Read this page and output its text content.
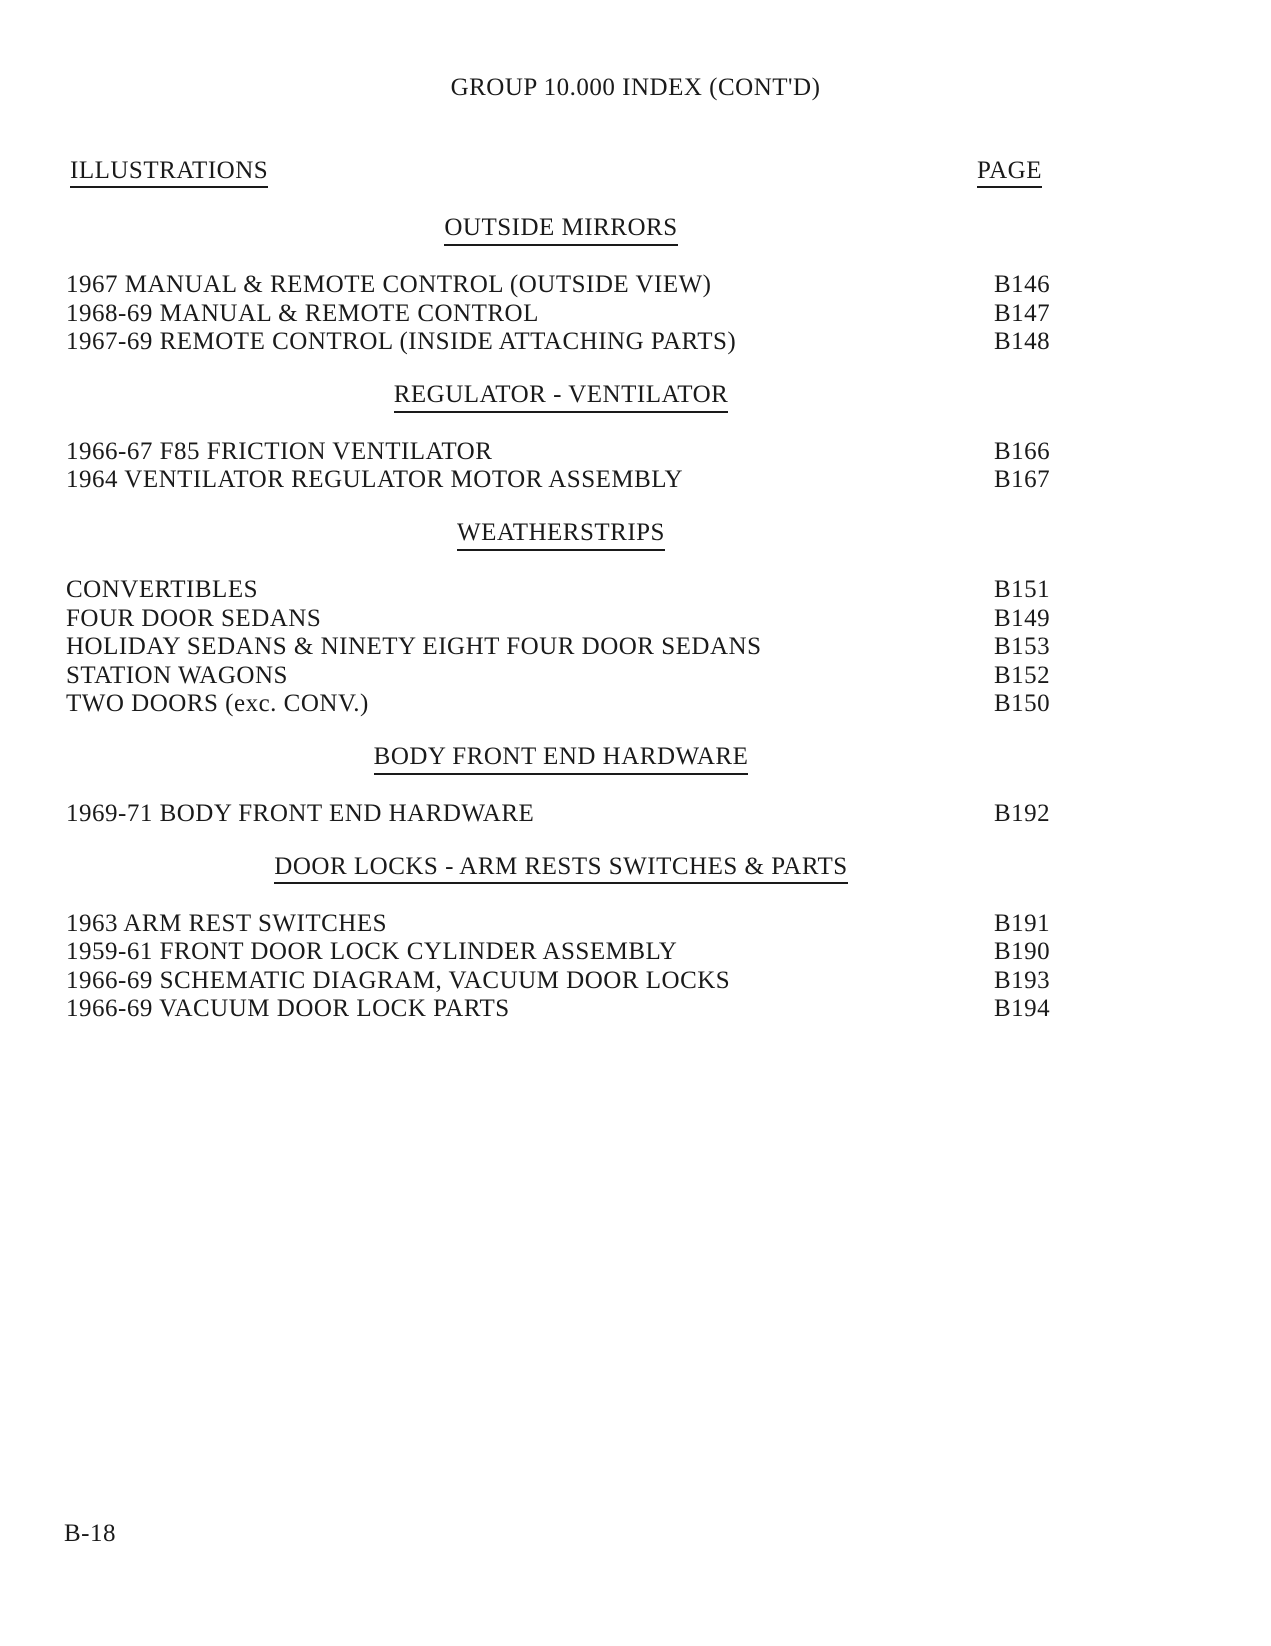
GROUP 10.000 INDEX (CONT'D)
ILLUSTRATIONS	PAGE
OUTSIDE MIRRORS
1967 MANUAL & REMOTE CONTROL (OUTSIDE VIEW)	B146
1968-69 MANUAL & REMOTE CONTROL	B147
1967-69 REMOTE CONTROL (INSIDE ATTACHING PARTS)	B148
REGULATOR - VENTILATOR
1966-67 F85 FRICTION VENTILATOR	B166
1964 VENTILATOR REGULATOR MOTOR ASSEMBLY	B167
WEATHERSTRIPS
CONVERTIBLES	B151
FOUR DOOR SEDANS	B149
HOLIDAY SEDANS & NINETY EIGHT FOUR DOOR SEDANS	B153
STATION WAGONS	B152
TWO DOORS (exc. CONV.)	B150
BODY FRONT END HARDWARE
1969-71 BODY FRONT END HARDWARE	B192
DOOR LOCKS - ARM RESTS SWITCHES & PARTS
1963 ARM REST SWITCHES	B191
1959-61 FRONT DOOR LOCK CYLINDER ASSEMBLY	B190
1966-69 SCHEMATIC DIAGRAM, VACUUM DOOR LOCKS	B193
1966-69 VACUUM DOOR LOCK PARTS	B194
B-18
